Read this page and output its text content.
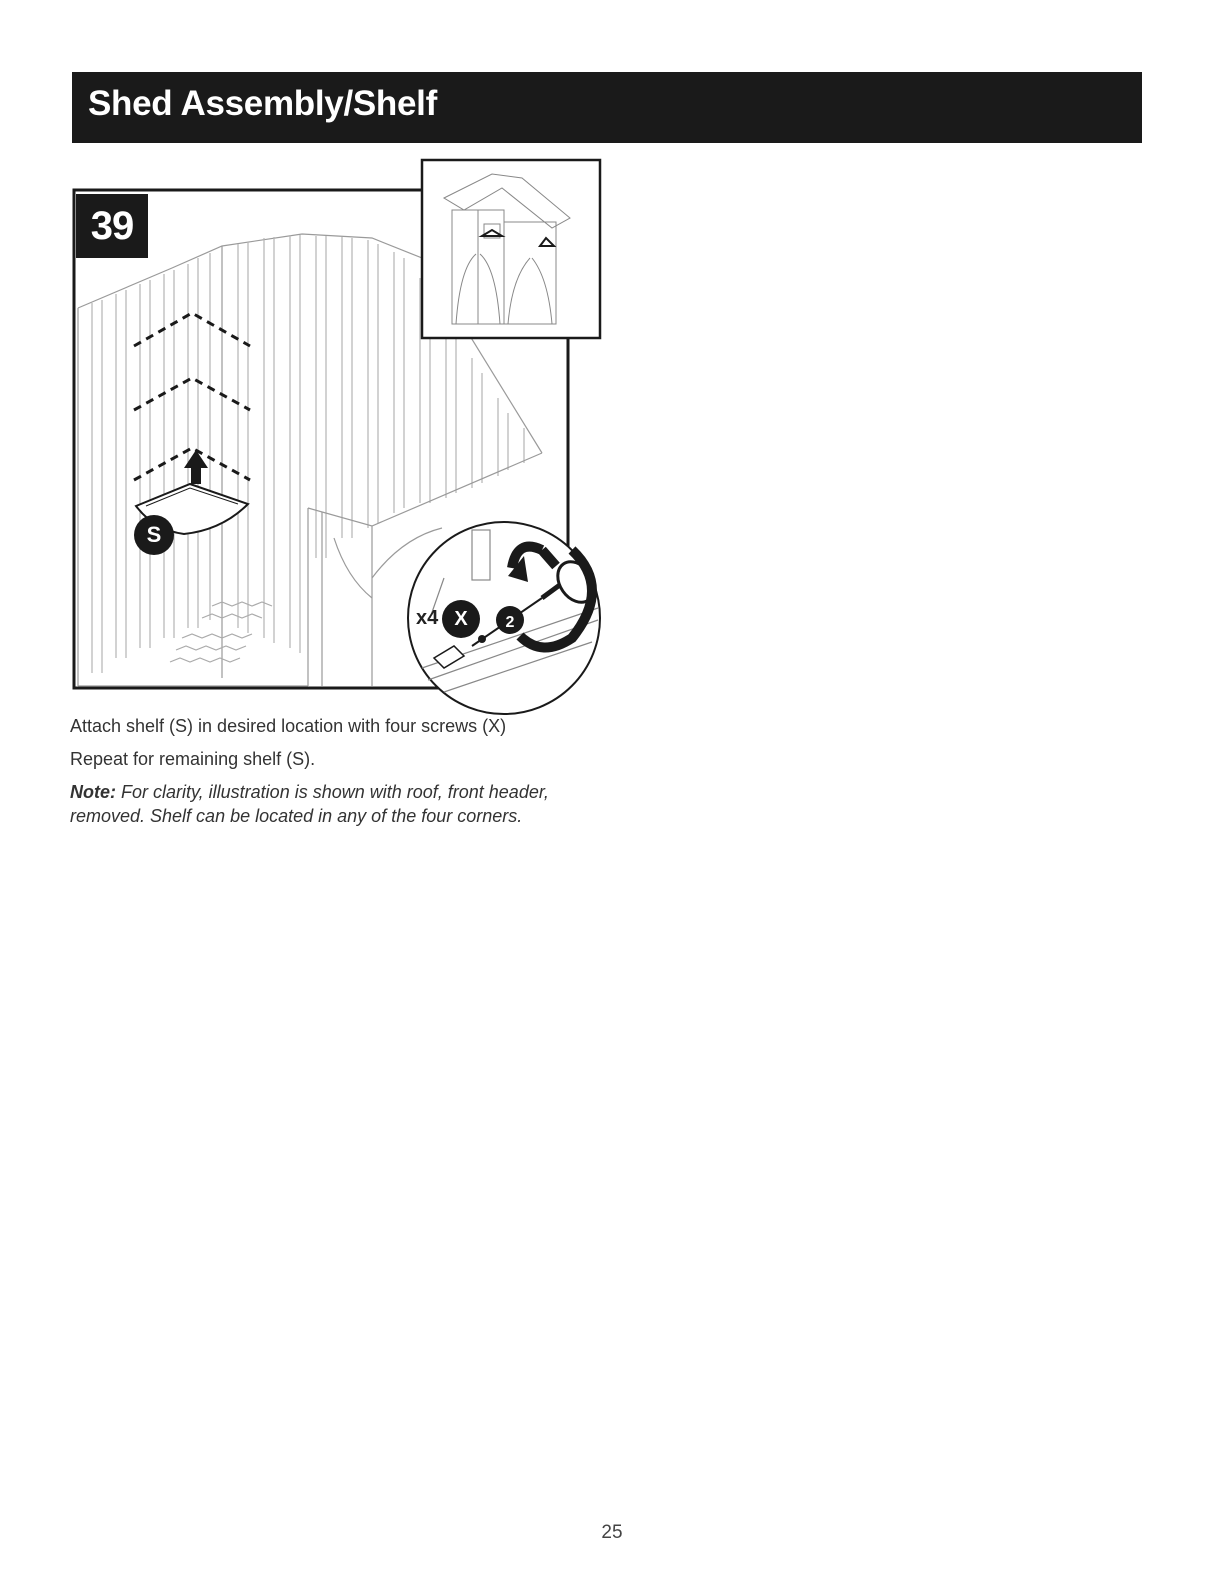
Shed Assembly/Shelf
2
39
S
x4 X

Attach shelf (S) in desired location with four screws (X)

Repeat for remaining shelf (S).

Note: For clarity, illustration is shown with roof, front header, removed. Shelf can be located in any of the four corners.

25
